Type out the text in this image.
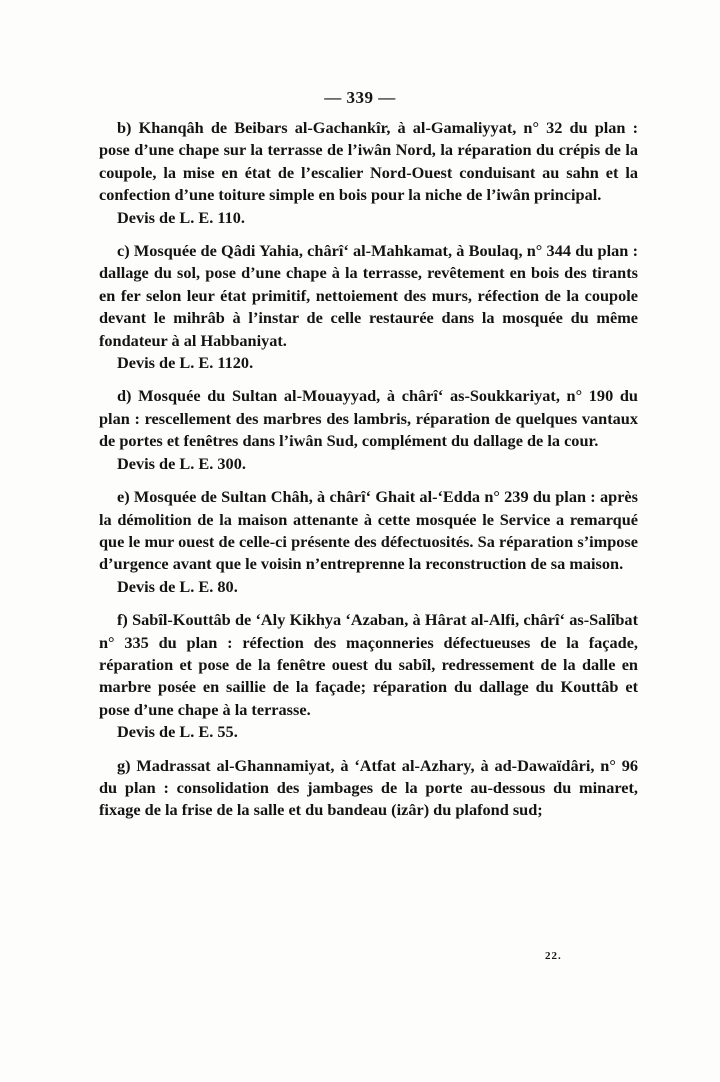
— 339 —

b) Khanqâh de Beibars al-Gachankîr, à al-Gamaliyyat, n° 32 du plan : pose d’une chape sur la terrasse de l’iwân Nord, la réparation du crépis de la coupole, la mise en état de l’escalier Nord-Ouest conduisant au sahn et la confection d’une toiture simple en bois pour la niche de l’iwân principal.

Devis de L. E. 110.

c) Mosquée de Qâdi Yahia, chârî‘ al-Mahkamat, à Boulaq, n° 344 du plan : dallage du sol, pose d’une chape à la terrasse, revêtement en bois des tirants en fer selon leur état primitif, nettoiement des murs, réfection de la coupole devant le mihrâb à l’instar de celle restaurée dans la mosquée du même fondateur à al Habbaniyat.

Devis de L. E. 1120.

d) Mosquée du Sultan al-Mouayyad, à chârî‘ as-Soukkariyat, n° 190 du plan : rescellement des marbres des lambris, réparation de quelques vantaux de portes et fenêtres dans l’iwân Sud, complément du dallage de la cour.

Devis de L. E. 300.

e) Mosquée de Sultan Châh, à chârî‘ Ghait al-‘Edda n° 239 du plan : après la démolition de la maison attenante à cette mosquée le Service a remarqué que le mur ouest de celle-ci présente des défectuosités. Sa réparation s’impose d’urgence avant que le voisin n’entreprenne la reconstruction de sa maison.

Devis de L. E. 80.

f) Sabîl-Kouttâb de ‘Aly Kikhya ‘Azaban, à Hârat al-Alfi, chârî‘ as-Salîbat n° 335 du plan : réfection des maçonneries défectueuses de la façade, réparation et pose de la fenêtre ouest du sabîl, redressement de la dalle en marbre posée en saillie de la façade; réparation du dallage du Kouttâb et pose d’une chape à la terrasse.

Devis de L. E. 55.

g) Madrassat al-Ghannamiyat, à ‘Atfat al-Azhary, à ad-Dawaïdâri, n° 96 du plan : consolidation des jambages de la porte au-dessous du minaret, fixage de la frise de la salle et du bandeau (izâr) du plafond sud;

22.
